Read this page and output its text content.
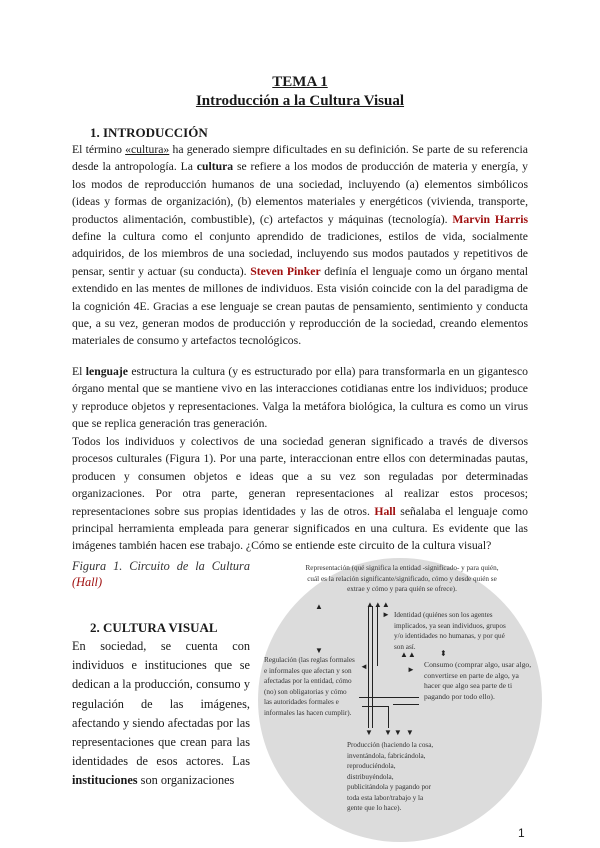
TEMA 1
Introducción a la Cultura Visual
1. INTRODUCCIÓN
El término «cultura» ha generado siempre dificultades en su definición. Se parte de su referencia desde la antropología. La cultura se refiere a los modos de producción de materia y energía, y los modos de reproducción humanos de una sociedad, incluyendo (a) elementos simbólicos (ideas y formas de organización), (b) elementos materiales y energéticos (vivienda, transporte, productos alimentación, combustible), (c) artefactos y máquinas (tecnología). Marvin Harris define la cultura como el conjunto aprendido de tradiciones, estilos de vida, socialmente adquiridos, de los miembros de una sociedad, incluyendo sus modos pautados y repetitivos de pensar, sentir y actuar (su conducta). Steven Pinker definía el lenguaje como un órgano mental extendido en las mentes de millones de individuos. Esta visión coincide con la del paradigma de la cognición 4E. Gracias a ese lenguaje se crean pautas de pensamiento, sentimiento y conducta que, a su vez, generan modos de producción y reproducción de la sociedad, creando elementos materiales de consumo y artefactos tecnológicos.
El lenguaje estructura la cultura (y es estructurado por ella) para transformarla en un gigantesco órgano mental que se mantiene vivo en las interacciones cotidianas entre los individuos; produce y reproduce objetos y representaciones. Valga la metáfora biológica, la cultura es como un virus que se replica generación tras generación.
Todos los individuos y colectivos de una sociedad generan significado a través de diversos procesos culturales (Figura 1). Por una parte, interaccionan entre ellos con determinadas pautas, producen y consumen objetos e ideas que a su vez son reguladas por determinadas organizaciones. Por otra parte, generan representaciones al realizar estos procesos; representaciones sobre sus propias identidades y las de otros. Hall señalaba el lenguaje como principal herramienta empleada para generar significados en una cultura. Es evidente que las imágenes también hacen ese trabajo. ¿Cómo se entiende este circuito de la cultura visual?
Figura 1. Circuito de la Cultura (Hall)
2. CULTURA VISUAL
En sociedad, se cuenta con individuos e instituciones que se dedican a la producción, consumo y regulación de las imágenes, afectando y siendo afectadas por las representaciones que crean para las identidades de esos actores. Las instituciones son organizaciones
Representación (qué significa la entidad -significado- y para quién, cuál es la relación significante/significado, cómo y desde quién se extrae y cómo y para quién se ofrece).
Identidad (quiénes son los agentes implicados, ya sean individuos, grupos y/o identidades no humanas, y por qué son así.
Regulación (las reglas formales e informales que afectan y son afectadas por la entidad, cómo (no) son obligatorias y cómo las autoridades formales e informales las hacen cumplir).
Consumo (comprar algo, usar algo, convertirse en parte de algo, ya hacer que algo sea parte de ti pagando por todo ello).
Producción (haciendo la cosa, inventándola, fabricándola, reproduciéndola, distribuyéndola, publicitándola y pagando por toda esta labor/trabajo y la gente que lo hace).
▲	▲▲▲
►
▼	▲▲	⬍
◄	►
▼ ▼ ▼  ▼
1
